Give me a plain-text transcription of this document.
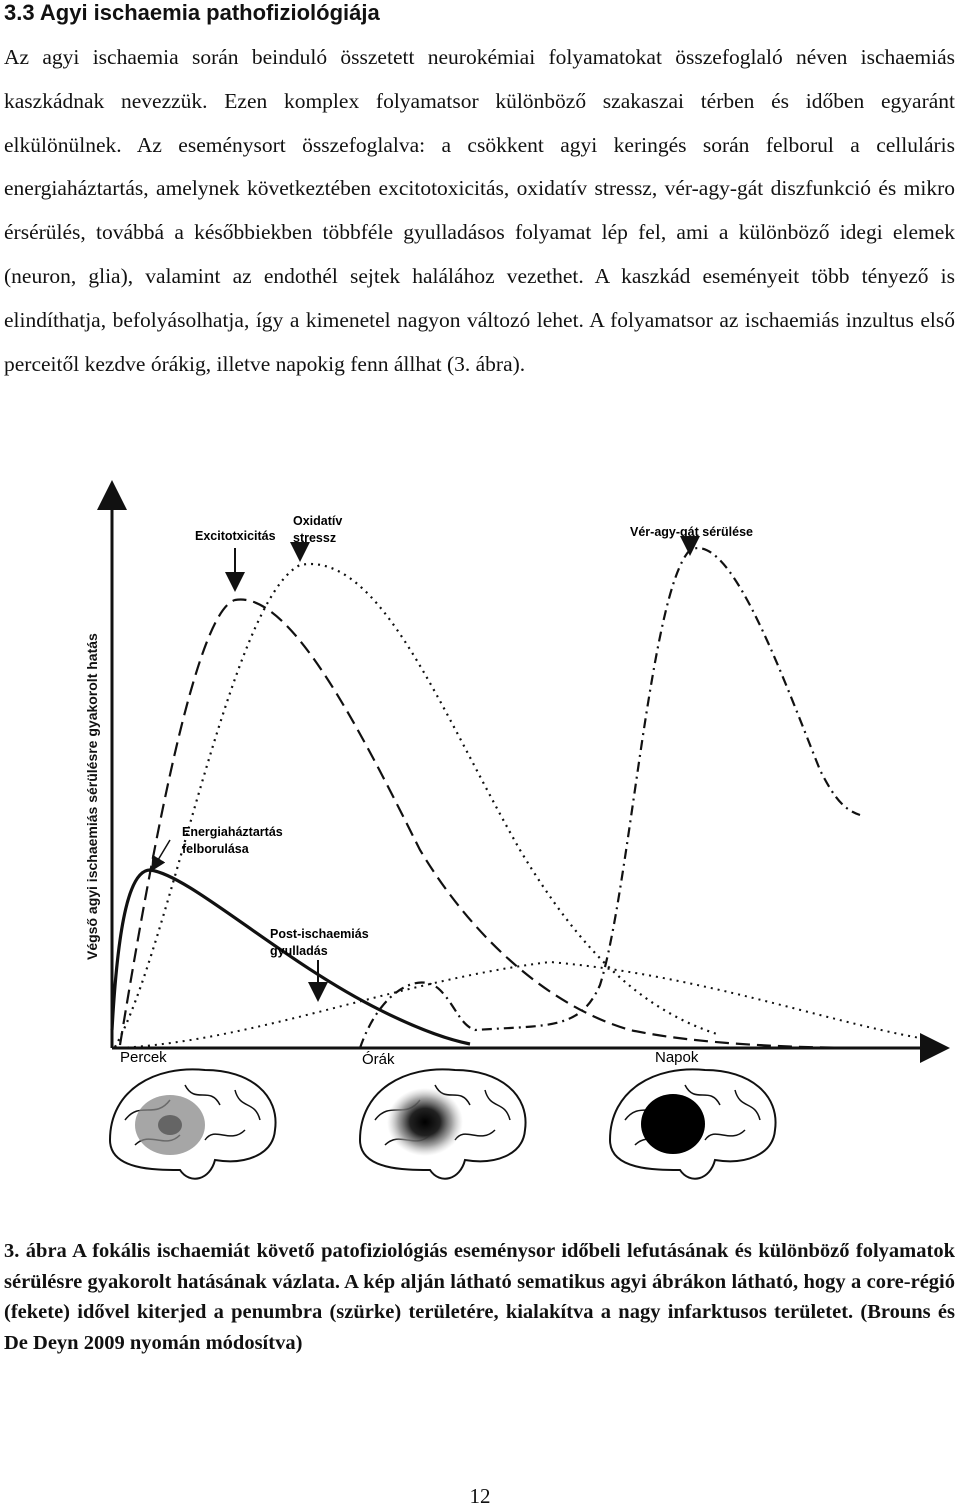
3.3 Agyi ischaemia pathofiziológiája
Az agyi ischaemia során beinduló összetett neurokémiai folyamatokat összefoglaló néven ischaemiás kaszkádnak nevezzük. Ezen komplex folyamatsor különböző szakaszai térben és időben egyaránt elkülönülnek. Az eseménysort összefoglalva: a csökkent agyi keringés során felborul a celluláris energiaháztartás, amelynek következtében excitotoxicitás, oxidatív stressz, vér-agy-gát diszfunkció és mikro érsérülés, továbbá a későbbiekben többféle gyulladásos folyamat lép fel, ami a különböző idegi elemek (neuron, glia), valamint az endothél sejtek halálához vezethet. A kaszkád eseményeit több tényező is elindíthatja, befolyásolhatja, így a kimenetel nagyon változó lehet. A folyamatsor az ischaemiás inzultus első perceitől kezdve órákig, illetve napokig fenn állhat (3. ábra).
Végső agyi ischaemiás sérülésre gyakorolt hatás
Excitotxicitás
Oxidatív
stressz	Vér-agy-gát sérülése
Energiaháztartás
felborulása
Post-ischaemiás
gyulladás
Percek	Órák	Napok
3. ábra A fokális ischaemiát követő patofiziológiás eseménysor időbeli lefutásának és különböző folyamatok sérülésre gyakorolt hatásának vázlata. A kép alján látható sematikus agyi ábrákon látható, hogy a core-régió (fekete) idővel kiterjed a penumbra (szürke) területére, kialakítva a nagy infarktusos területet. (Brouns és De Deyn 2009 nyomán módosítva)
12
